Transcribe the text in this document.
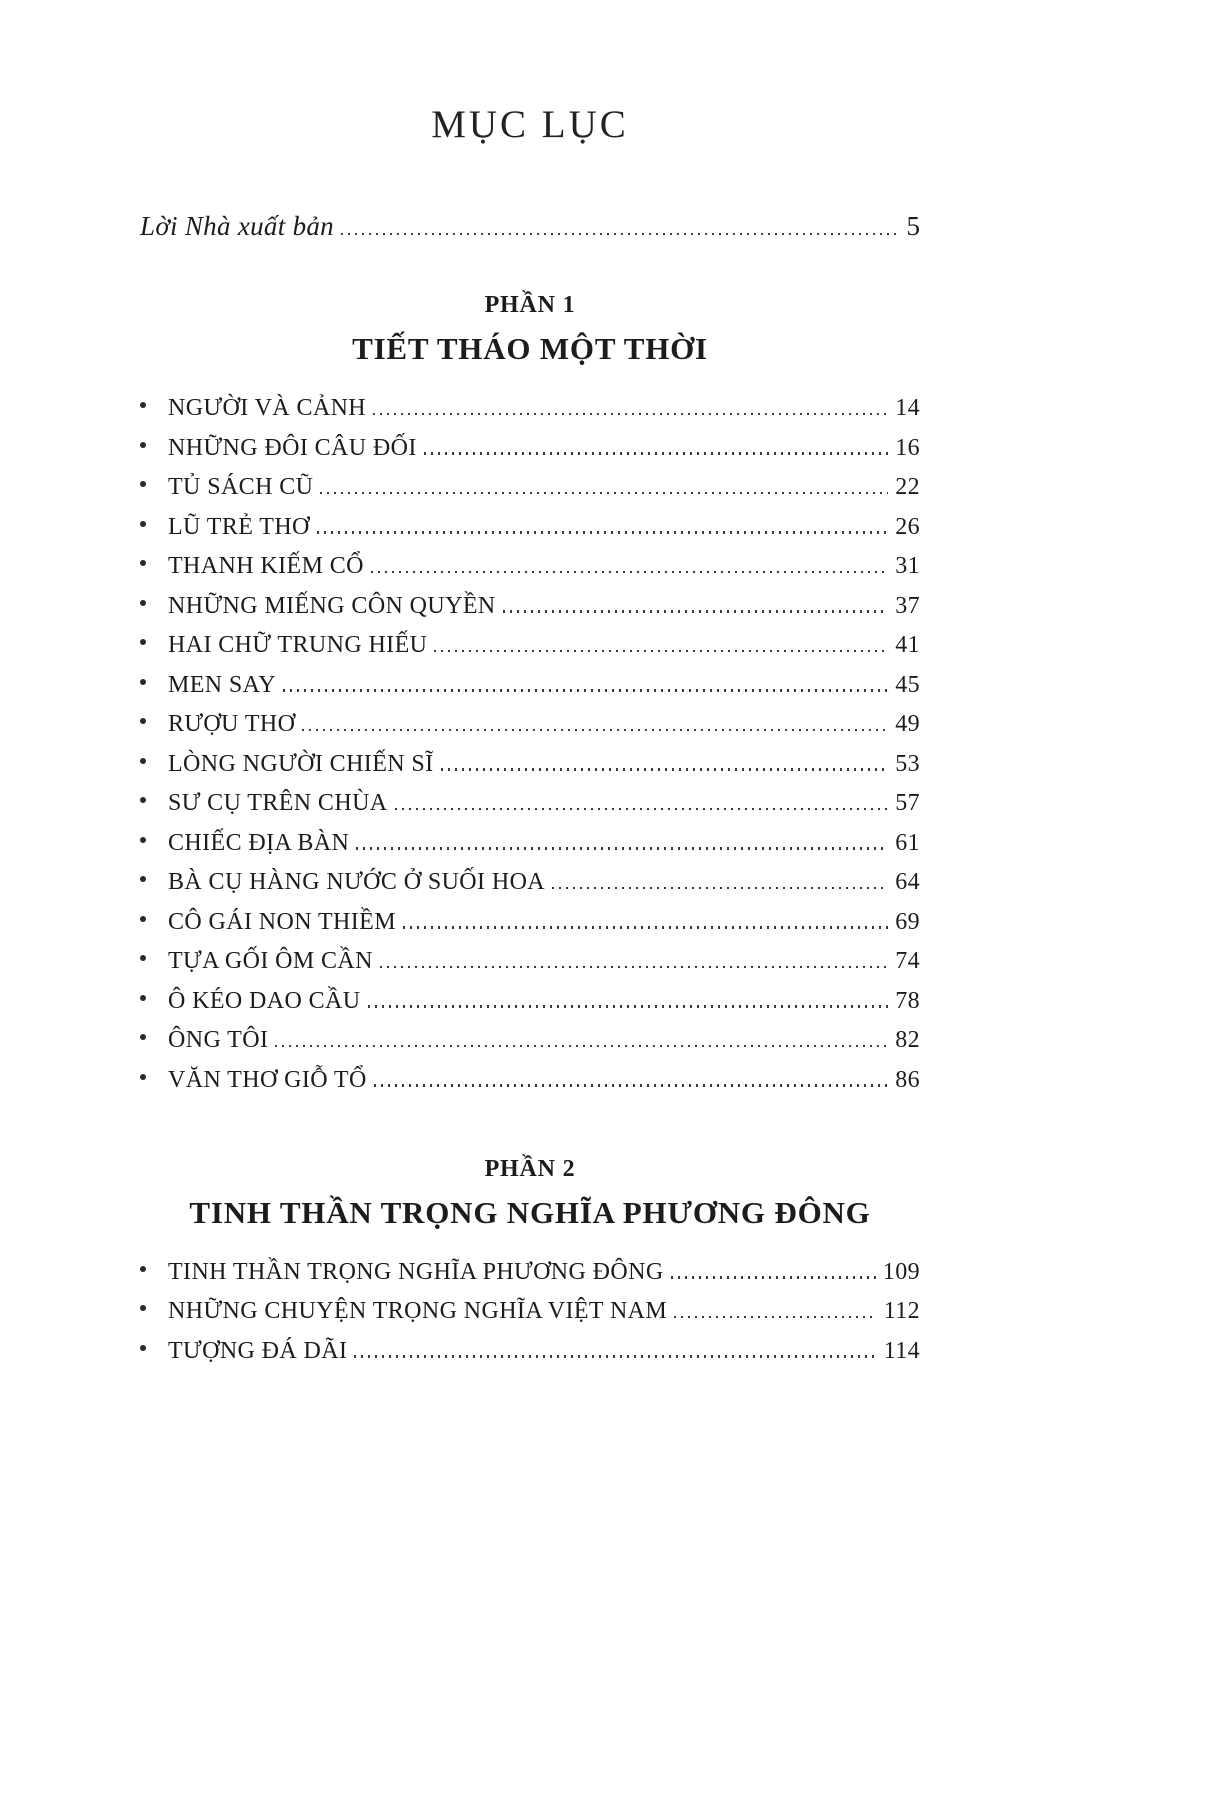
MỤC LỤC
Lời Nhà xuất bản	5
PHẦN 1
TIẾT THÁO MỘT THỜI
NGƯỜI VÀ CẢNH	14
NHỮNG ĐÔI CÂU ĐỐI	16
TỦ SÁCH CŨ	22
LŨ TRẺ THƠ	26
THANH KIẾM CỔ	31
NHỮNG MIẾNG CÔN QUYỀN	37
HAI CHỮ TRUNG HIẾU	41
MEN SAY	45
RƯỢU THƠ	49
LÒNG NGƯỜI CHIẾN SĨ	53
SƯ CỤ TRÊN CHÙA	57
CHIẾC ĐỊA BÀN	61
BÀ CỤ HÀNG NƯỚC Ở SUỐI HOA	64
CÔ GÁI NON THIỀM	69
TỰA GỐI ÔM CẦN	74
Ô KÉO DAO CẦU	78
ÔNG TÔI	82
VĂN THƠ GIỖ TỔ	86
PHẦN 2
TINH THẦN TRỌNG NGHĨA PHƯƠNG ĐÔNG
TINH THẦN TRỌNG NGHĨA PHƯƠNG ĐÔNG	109
NHỮNG CHUYỆN TRỌNG NGHĨA VIỆT NAM	112
TƯỢNG ĐÁ DÃI	114
